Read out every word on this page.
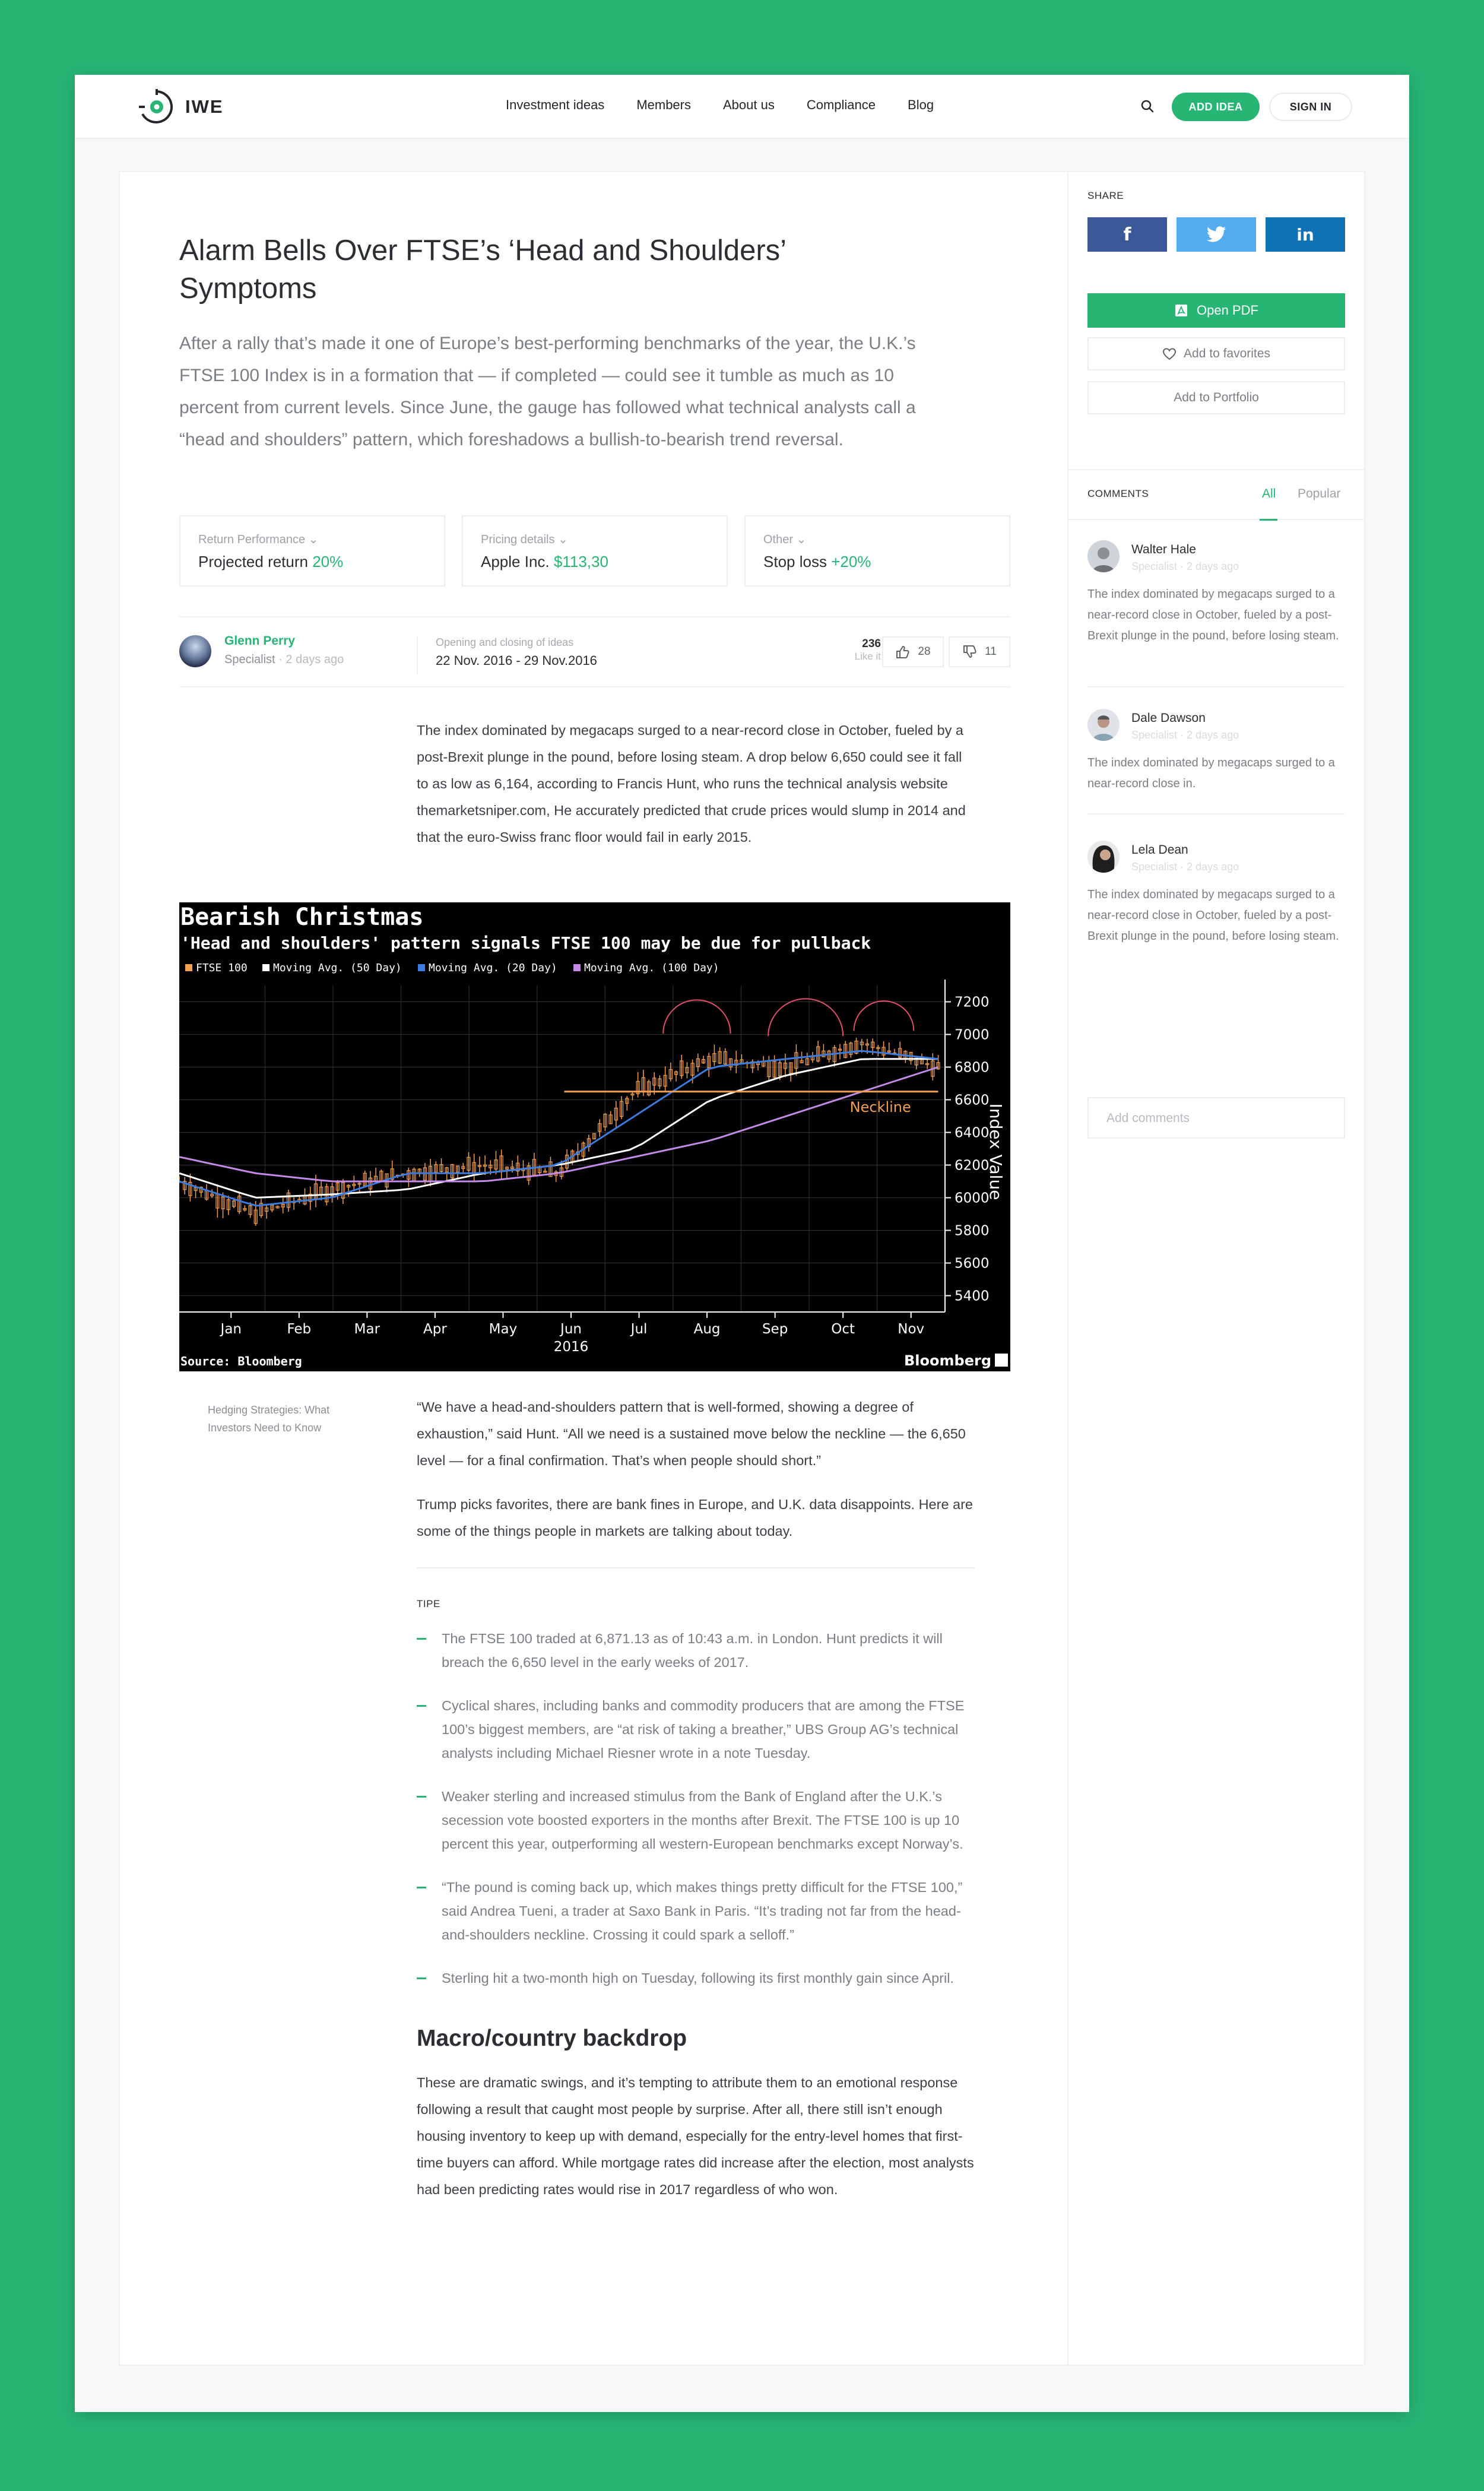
IWE	Investment ideas Members About us Compliance Blog	ADD IDEA	SIGN IN
Alarm Bells Over FTSE’s ‘Head and Shoulders’ Symptoms

After a rally that’s made it one of Europe’s best-performing benchmarks of the year, the U.K.’s FTSE 100 Index is in a formation that — if completed — could see it tumble as much as 10 percent from current levels. Since June, the gauge has followed what technical analysts call a “head and shoulders” pattern, which foreshadows a bullish-to-bearish trend reversal.

Return Performance ⌄
Projected return 20%
Pricing details ⌄
Apple Inc. $113,30
Other ⌄
Stop loss +20%
Glenn Perry
Specialist · 2 days ago
Opening and closing of ideas
22 Nov. 2016 - 29 Nov.2016
236
Like it	28	11

The index dominated by megacaps surged to a near-record close in October, fueled by a post-Brexit plunge in the pound, before losing steam. A drop below 6,650 could see it fall to as low as 6,164, according to Francis Hunt, who runs the technical analysis website themarketsniper.com, He accurately predicted that crude prices would slump in 2014 and that the euro-Swiss franc floor would fail in early 2015.

Bearish Christmas
'Head and shoulders' pattern signals FTSE 100 may be due for pullback
FTSE 100 Moving Avg. (50 Day)	Moving Avg. (20 Day)	Moving Avg. (100 Day)
Neckline
5400
5600
5800
6000
6200
6400
6600
6800
7000
7200
Jan	Feb	Mar	Apr	May	Jun	Jul	Aug	Sep	Oct	Nov
2016
Index Value
Source: Bloomberg	Bloomberg
Hedging Strategies: What Investors Need to Know

“We have a head-and-shoulders pattern that is well-formed, showing a degree of exhaustion,” said Hunt. “All we need is a sustained move below the neckline — the 6,650 level — for a final confirmation. That’s when people should short.”

Trump picks favorites, there are bank fines in Europe, and U.K. data disappoints. Here are some of the things people in markets are talking about today.

TIPE
The FTSE 100 traded at 6,871.13 as of 10:43 a.m. in London. Hunt predicts it will breach the 6,650 level in the early weeks of 2017.
Cyclical shares, including banks and commodity producers that are among the FTSE 100’s biggest members, are “at risk of taking a breather,” UBS Group AG’s technical analysts including Michael Riesner wrote in a note Tuesday.
Weaker sterling and increased stimulus from the Bank of England after the U.K.’s secession vote boosted exporters in the months after Brexit. The FTSE 100 is up 10 percent this year, outperforming all western-European benchmarks except Norway’s.
“The pound is coming back up, which makes things pretty difficult for the FTSE 100,” said Andrea Tueni, a trader at Saxo Bank in Paris. “It’s trading not far from the head-and-shoulders neckline. Crossing it could spark a selloff.”
Sterling hit a two-month high on Tuesday, following its first monthly gain since April.
Macro/country backdrop

These are dramatic swings, and it’s tempting to attribute them to an emotional response following a result that caught most people by surprise. After all, there still isn’t enough housing inventory to keep up with demand, especially for the entry-level homes that first-time buyers can afford. While mortgage rates did increase after the election, most analysts had been predicting rates would rise in 2017 regardless of who won.

SHARE
f	in
Open PDF
Add to favorites
Add to Portfolio
COMMENTS	All Popular
Walter Hale
Specialist · 2 days ago
The index dominated by megacaps surged to a near-record close in October, fueled by a post-Brexit plunge in the pound, before losing steam.
Dale Dawson
Specialist · 2 days ago
The index dominated by megacaps surged to a near-record close in.
Lela Dean
Specialist · 2 days ago
The index dominated by megacaps surged to a near-record close in October, fueled by a post-Brexit plunge in the pound, before losing steam.
Add comments
